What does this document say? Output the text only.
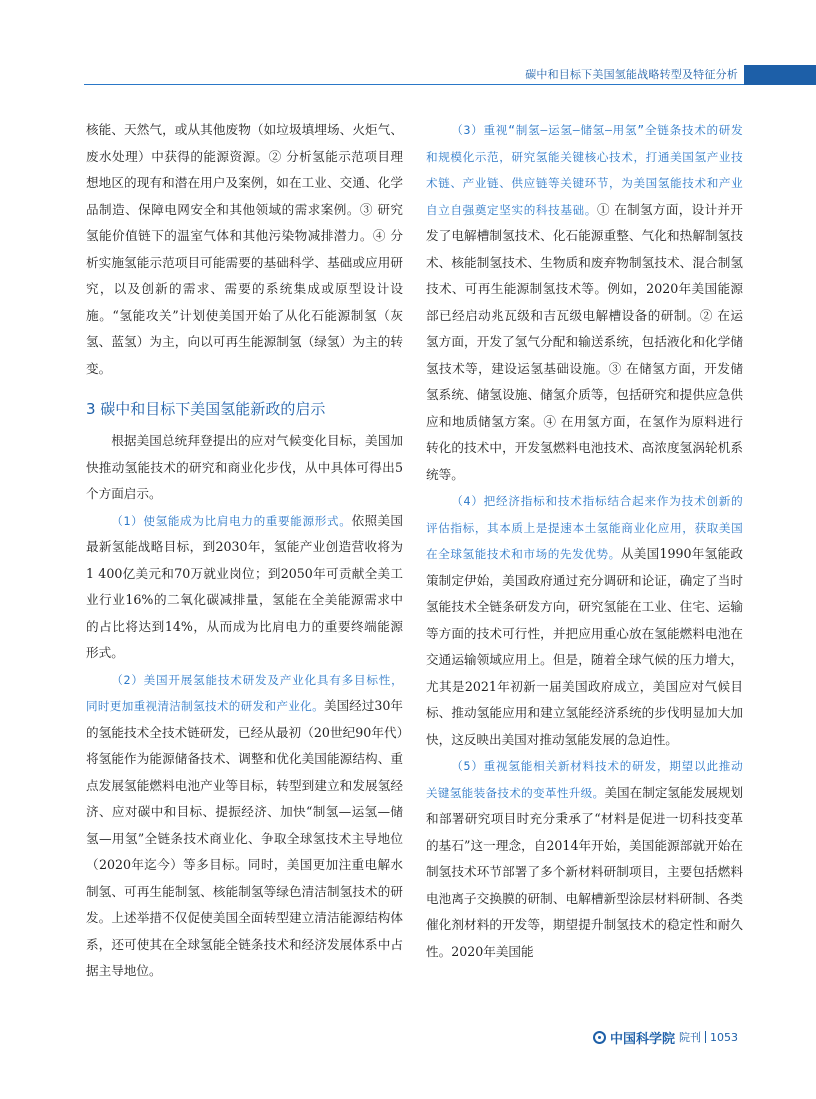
碳中和目标下美国氢能战略转型及特征分析

核能、天然气，或从其他废物（如垃圾填埋场、火炬气、废水处理）中获得的能源资源。② 分析氢能示范项目理想地区的现有和潜在用户及案例，如在工业、交通、化学品制造、保障电网安全和其他领域的需求案例。③ 研究氢能价值链下的温室气体和其他污染物减排潜力。④ 分析实施氢能示范项目可能需要的基础科学、基础或应用研究，以及创新的需求、需要的系统集成或原型设计设施。“氢能攻关”计划使美国开始了从化石能源制氢（灰氢、蓝氢）为主，向以可再生能源制氢（绿氢）为主的转变。

3 碳中和目标下美国氢能新政的启示

根据美国总统拜登提出的应对气候变化目标，美国加快推动氢能技术的研究和商业化步伐，从中具体可得出5个方面启示。

（1）使氢能成为比肩电力的重要能源形式。依照美国最新氢能战略目标，到2030年，氢能产业创造营收将为1 400亿美元和70万就业岗位；到2050年可贡献全美工业行业16%的二氧化碳减排量，氢能在全美能源需求中的占比将达到14%，从而成为比肩电力的重要终端能源形式。

（2）美国开展氢能技术研发及产业化具有多目标性，同时更加重视清洁制氢技术的研发和产业化。美国经过30年的氢能技术全技术链研发，已经从最初（20世纪90年代）将氢能作为能源储备技术、调整和优化美国能源结构、重点发展氢能燃料电池产业等目标，转型到建立和发展氢经济、应对碳中和目标、提振经济、加快“制氢—运氢—储氢—用氢”全链条技术商业化、争取全球氢技术主导地位（2020年迄今）等多目标。同时，美国更加注重电解水制氢、可再生能制氢、核能制氢等绿色清洁制氢技术的研发。上述举措不仅促使美国全面转型建立清洁能源结构体系，还可使其在全球氢能全链条技术和经济发展体系中占据主导地位。

（3）重视“制氢—运氢—储氢—用氢”全链条技术的研发和规模化示范，研究氢能关键核心技术，打通美国氢产业技术链、产业链、供应链等关键环节，为美国氢能技术和产业自立自强奠定坚实的科技基础。① 在制氢方面，设计并开发了电解槽制氢技术、化石能源重整、气化和热解制氢技术、核能制氢技术、生物质和废弃物制氢技术、混合制氢技术、可再生能源制氢技术等。例如，2020年美国能源部已经启动兆瓦级和吉瓦级电解槽设备的研制。② 在运氢方面，开发了氢气分配和输送系统，包括液化和化学储氢技术等，建设运氢基础设施。③ 在储氢方面，开发储氢系统、储氢设施、储氢介质等，包括研究和提供应急供应和地质储氢方案。④ 在用氢方面，在氢作为原料进行转化的技术中，开发氢燃料电池技术、高浓度氢涡轮机系统等。

（4）把经济指标和技术指标结合起来作为技术创新的评估指标，其本质上是提速本土氢能商业化应用，获取美国在全球氢能技术和市场的先发优势。从美国1990年氢能政策制定伊始，美国政府通过充分调研和论证，确定了当时氢能技术全链条研发方向，研究氢能在工业、住宅、运输等方面的技术可行性，并把应用重心放在氢能燃料电池在交通运输领域应用上。但是，随着全球气候的压力增大，尤其是2021年初新一届美国政府成立，美国应对气候目标、推动氢能应用和建立氢能经济系统的步伐明显加大加快，这反映出美国对推动氢能发展的急迫性。

（5）重视氢能相关新材料技术的研发，期望以此推动关键氢能装备技术的变革性升级。美国在制定氢能发展规划和部署研究项目时充分秉承了“材料是促进一切科技变革的基石”这一理念，自2014年开始，美国能源部就开始在制氢技术环节部署了多个新材料研制项目，主要包括燃料电池离子交换膜的研制、电解槽新型涂层材料研制、各类催化剂材料的开发等，期望提升制氢技术的稳定性和耐久性。2020年美国能

中国科学院 院刊 1053
